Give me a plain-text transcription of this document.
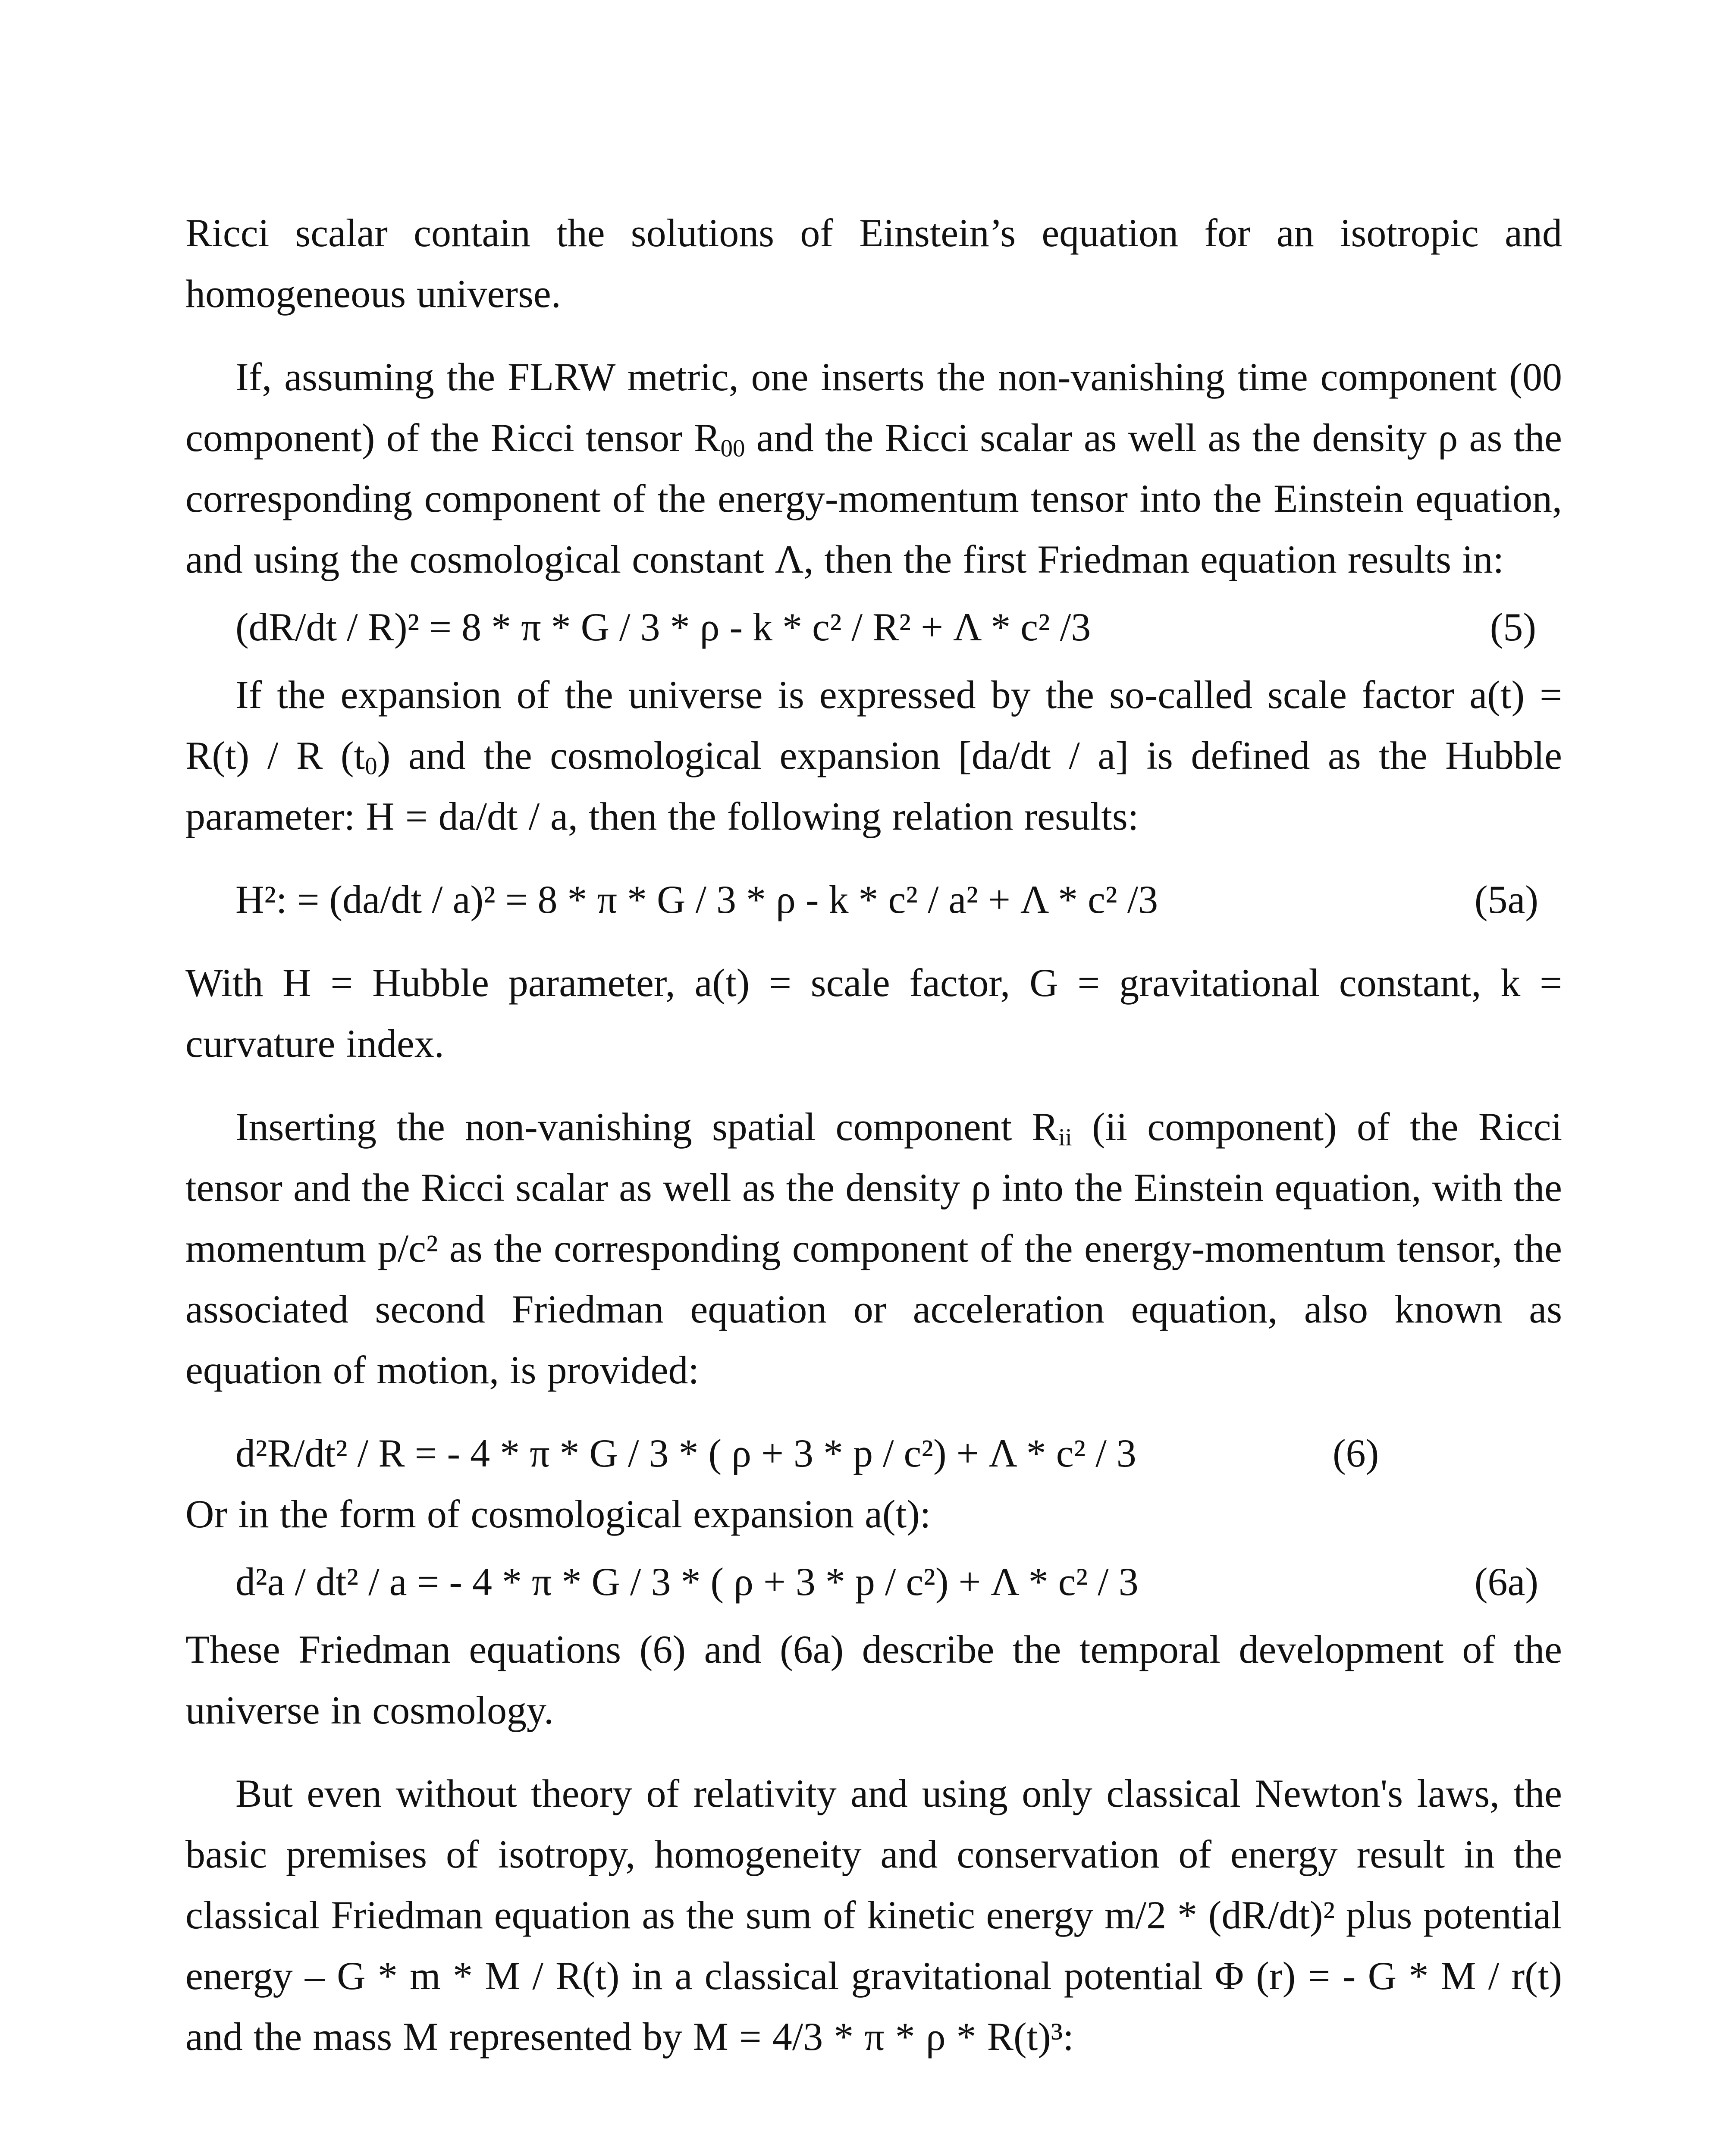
Ricci scalar contain the solutions of Einstein’s equation for an isotropic and homogeneous universe.

If, assuming the FLRW metric, one inserts the non-vanishing time component (00 component) of the Ricci tensor $R_{00}$ and the Ricci scalar as well as the density ρ as the corresponding component of the energy-momentum tensor into the Einstein equation, and using the cosmological constant Λ, then the first Friedman equation results in:

(dR/dt / R)² = 8 * π * G / 3 * ρ - k * c² / R² + Λ * c² /3	(5)

If the expansion of the universe is expressed by the so-called scale factor a(t) = R(t) / R $(t_0)$ and the cosmological expansion [da/dt / a] is defined as the Hubble parameter: H = da/dt / a, then the following relation results:

H²: = (da/dt / a)² = 8 * π * G / 3 * ρ - k * c² / a² + Λ * c² /3	(5a)

With H = Hubble parameter, a(t) = scale factor, G = gravitational constant, k = curvature index.

Inserting the non-vanishing spatial component $R_{ii}$ (ii component) of the Ricci tensor and the Ricci scalar as well as the density ρ into the Einstein equation, with the momentum p/c² as the corresponding component of the energy-momentum tensor, the associated second Friedman equation or acceleration equation, also known as equation of motion, is provided:

d²R/dt² / R = - 4 * π * G / 3 * ( ρ + 3 * p / c²) + Λ * c² / 3	(6)

Or in the form of cosmological expansion a(t):

d²a / dt² / a = - 4 * π * G / 3 * ( ρ + 3 * p / c²) + Λ * c² / 3	(6a)

These Friedman equations (6) and (6a) describe the temporal development of the universe in cosmology.

But even without theory of relativity and using only classical Newton's laws, the basic premises of isotropy, homogeneity and conservation of energy result in the classical Friedman equation as the sum of kinetic energy m/2 * (dR/dt)² plus potential energy – G * m * M / R(t) in a classical gravitational potential Φ (r) = - G * M / r(t) and the mass M represented by M = 4/3 * π * ρ * R(t)³:
